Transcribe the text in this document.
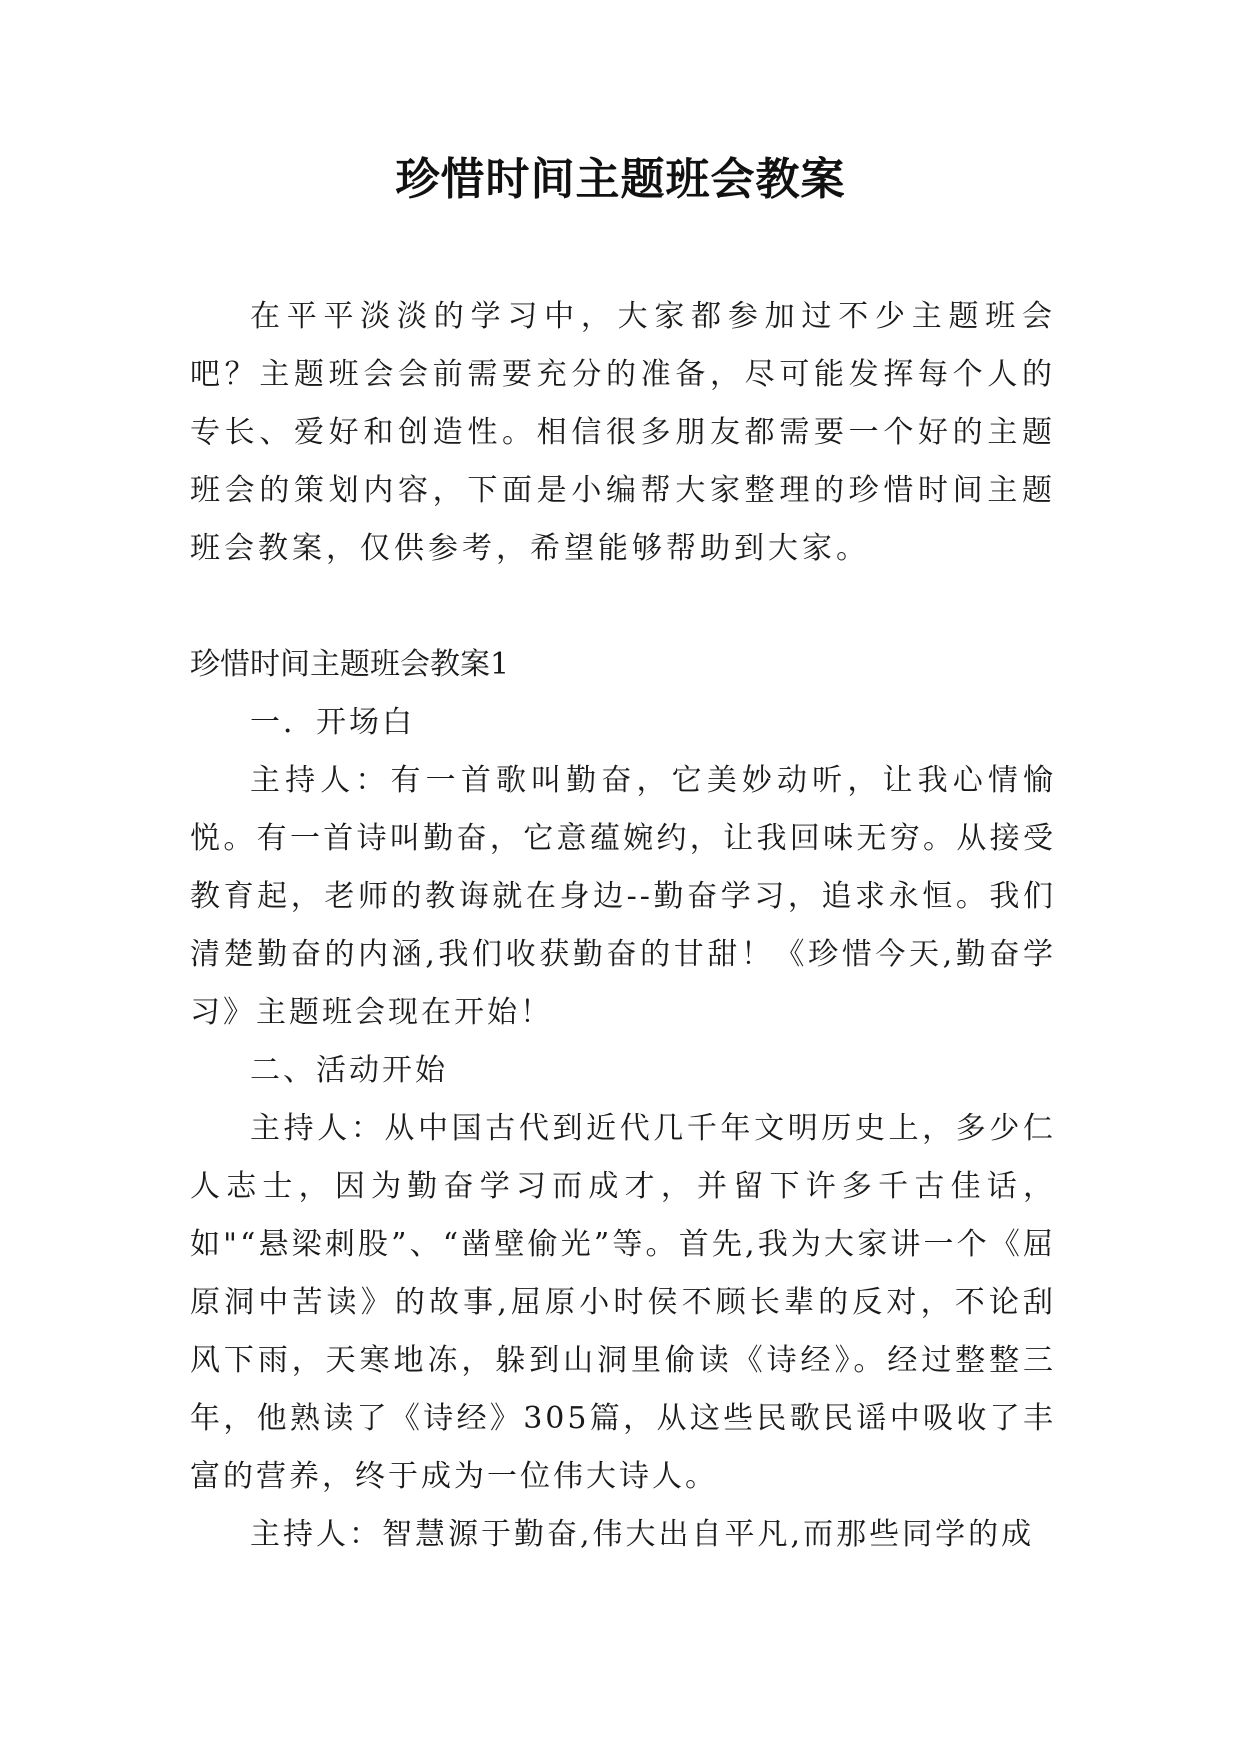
珍惜时间主题班会教案

在平平淡淡的学习中，大家都参加过不少主题班会吧？主题班会会前需要充分的准备，尽可能发挥每个人的专长、爱好和创造性。相信很多朋友都需要一个好的主题班会的策划内容，下面是小编帮大家整理的珍惜时间主题班会教案，仅供参考，希望能够帮助到大家。

珍惜时间主题班会教案1

一．开场白

主持人：有一首歌叫勤奋，它美妙动听，让我心情愉悦。有一首诗叫勤奋，它意蕴婉约，让我回味无穷。从接受教育起，老师的教诲就在身边--勤奋学习，追求永恒。我们清楚勤奋的内涵,我们收获勤奋的甘甜！《珍惜今天,勤奋学习》主题班会现在开始！

二、活动开始

主持人：从中国古代到近代几千年文明历史上，多少仁人志士，因为勤奋学习而成才，并留下许多千古佳话，如"“悬梁刺股”、“凿壁偷光”等。首先,我为大家讲一个《屈原洞中苦读》的故事,屈原小时侯不顾长辈的反对，不论刮风下雨，天寒地冻，躲到山洞里偷读《诗经》。经过整整三年，他熟读了《诗经》305篇，从这些民歌民谣中吸收了丰富的营养，终于成为一位伟大诗人。

主持人：智慧源于勤奋,伟大出自平凡,而那些同学的成
